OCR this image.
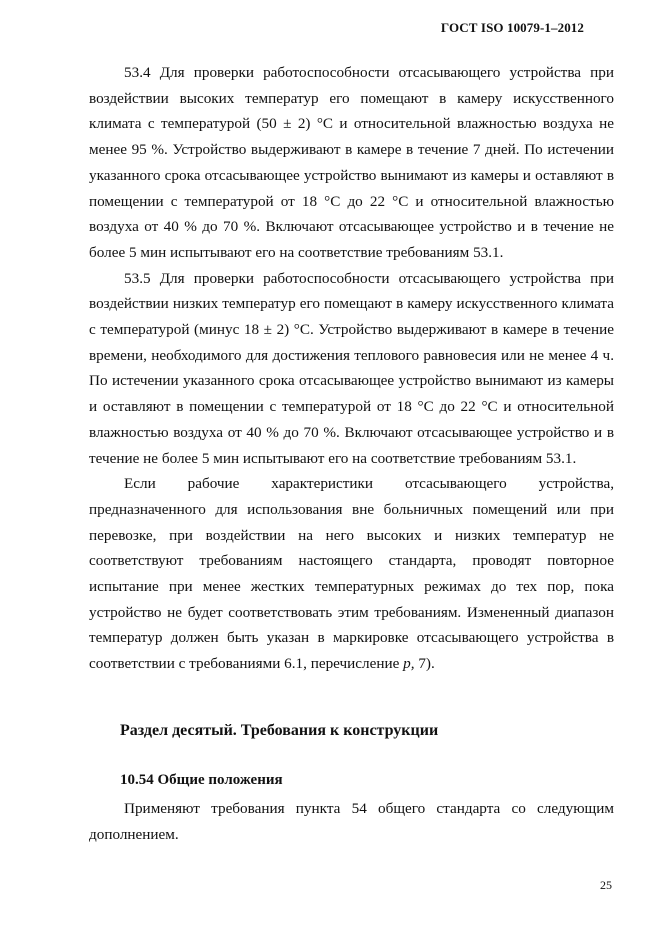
ГОСТ ISO 10079-1–2012

53.4 Для проверки работоспособности отсасывающего устройства при воздействии высоких температур его помещают в камеру искусственного климата с температурой (50 ± 2) °С и относительной влажностью воздуха не менее 95 %. Устройство выдерживают в камере в течение 7 дней. По истечении указанного срока отсасывающее устройство вынимают из камеры и оставляют в помещении с температурой от 18 °С до 22 °С и относительной влажностью воздуха от 40 % до 70 %. Включают отсасывающее устройство и в течение не более 5 мин испытывают его на соответствие требованиям 53.1.

53.5 Для проверки работоспособности отсасывающего устройства при воздействии низких температур его помещают в камеру искусственного климата с температурой (минус 18 ± 2) °С. Устройство выдерживают в камере в течение времени, необходимого для достижения теплового равновесия или не менее 4 ч. По истечении указанного срока отсасывающее устройство вынимают из камеры и оставляют в помещении с температурой от 18 °С до 22 °С и относительной влажностью воздуха от 40 % до 70 %. Включают отсасывающее устройство и в течение не более 5 мин испытывают его на соответствие требованиям 53.1.

Если рабочие характеристики отсасывающего устройства, предназначенного для использования вне больничных помещений или при перевозке, при воздействии на него высоких и низких температур не соответствуют требованиям настоящего стандарта, проводят повторное испытание при менее жестких температурных режимах до тех пор, пока устройство не будет соответствовать этим требованиям. Измененный диапазон температур должен быть указан в маркировке отсасывающего устройства в соответствии с требованиями 6.1, перечисление p, 7).

Раздел десятый. Требования к конструкции
10.54 Общие положения

Применяют требования пункта 54 общего стандарта со следующим дополнением.

25
